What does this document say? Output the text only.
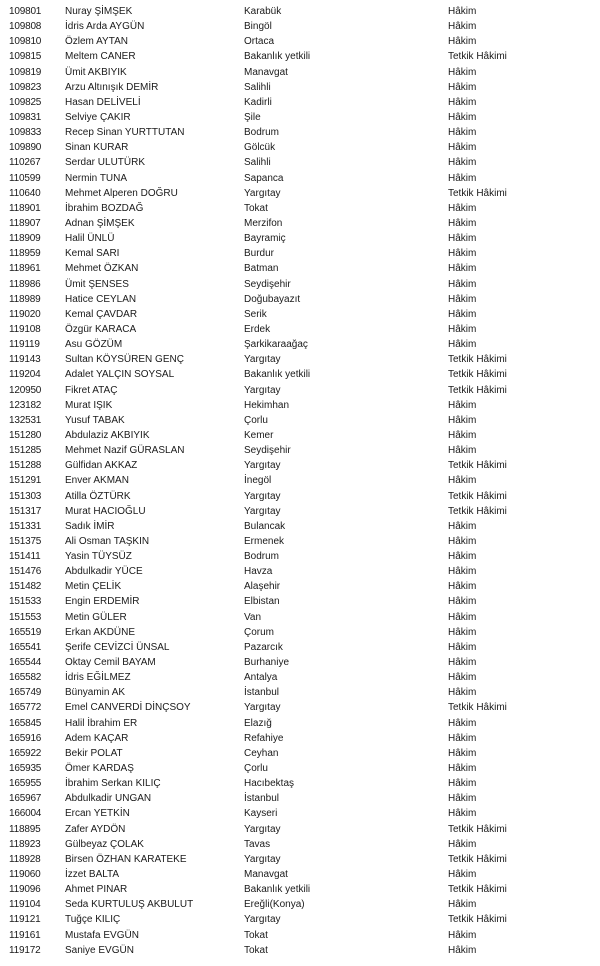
109801 Nuray ŞİMŞEK	Karabük	Hâkim
109808 İdris Arda AYGÜN	Bingöl	Hâkim
109810 Özlem AYTAN	Ortaca	Hâkim
109815 Meltem CANER	Bakanlık yetkili	Tetkik Hâkimi
109819 Ümit AKBIYIK	Manavgat	Hâkim
109823 Arzu Altınışık DEMİR	Salihli	Hâkim
109825 Hasan DELİVELİ	Kadirli	Hâkim
109831 Selviye ÇAKIR	Şile	Hâkim
109833 Recep Sinan YURTTUTAN	Bodrum	Hâkim
109890 Sinan KURAR	Gölcük	Hâkim
110267 Serdar ULUTÜRK	Salihli	Hâkim
110599 Nermin TUNA	Sapanca	Hâkim
110640 Mehmet Alperen DOĞRU	Yargıtay	Tetkik Hâkimi
118901 İbrahim BOZDAĞ	Tokat	Hâkim
118907 Adnan ŞİMŞEK	Merzifon	Hâkim
118909 Halil ÜNLÜ	Bayramiç	Hâkim
118959 Kemal SARI	Burdur	Hâkim
118961 Mehmet ÖZKAN	Batman	Hâkim
118986 Ümit ŞENSES	Seydişehir	Hâkim
118989 Hatice CEYLAN	Doğubayazıt	Hâkim
119020 Kemal ÇAVDAR	Serik	Hâkim
119108 Özgür KARACA	Erdek	Hâkim
119119	Asu GÖZÜM	Şarkikaraağaç	Hâkim
119143 Sultan KÖYSÜREN GENÇ	Yargıtay	Tetkik Hâkimi
119204 Adalet YALÇIN SOYSAL	Bakanlık yetkili	Tetkik Hâkimi
120950 Fikret ATAÇ	Yargıtay	Tetkik Hâkimi
123182 Murat IŞIK	Hekimhan	Hâkim
132531 Yusuf TABAK	Çorlu	Hâkim
151280 Abdulaziz AKBIYIK	Kemer	Hâkim
151285 Mehmet Nazif GÜRASLAN	Seydişehir	Hâkim
151288 Gülfidan AKKAZ	Yargıtay	Tetkik Hâkimi
151291 Enver AKMAN	İnegöl	Hâkim
151303 Atilla ÖZTÜRK	Yargıtay	Tetkik Hâkimi
151317 Murat HACIOĞLU	Yargıtay	Tetkik Hâkimi
151331 Sadık İMİR	Bulancak	Hâkim
151375 Ali Osman TAŞKIN	Ermenek	Hâkim
151411 Yasin TÜYSÜZ	Bodrum	Hâkim
151476 Abdulkadir YÜCE	Havza	Hâkim
151482 Metin ÇELİK	Alaşehir	Hâkim
151533 Engin ERDEMİR	Elbistan	Hâkim
151553 Metin GÜLER	Van	Hâkim
165519 Erkan AKDÜNE	Çorum	Hâkim
165541 Şerife CEVİZCİ ÜNSAL	Pazarcık	Hâkim
165544 Oktay Cemil BAYAM	Burhaniye	Hâkim
165582 İdris EĞİLMEZ	Antalya	Hâkim
165749 Bünyamin AK	İstanbul	Hâkim
165772 Emel CANVERDİ DİNÇSOY	Yargıtay	Tetkik Hâkimi
165845 Halil İbrahim ER	Elazığ	Hâkim
165916 Adem KAÇAR	Refahiye	Hâkim
165922 Bekir POLAT	Ceyhan	Hâkim
165935 Ömer KARDAŞ	Çorlu	Hâkim
165955 İbrahim Serkan KILIÇ	Hacıbektaş	Hâkim
165967 Abdulkadir UNGAN	İstanbul	Hâkim
166004 Ercan YETKİN	Kayseri	Hâkim
118895 Zafer AYDÖN	Yargıtay	Tetkik Hâkimi
118923 Gülbeyaz ÇOLAK	Tavas	Hâkim
118928 Birsen ÖZHAN KARATEKE	Yargıtay	Tetkik Hâkimi
119060 İzzet BALTA	Manavgat	Hâkim
119096 Ahmet PINAR	Bakanlık yetkili	Tetkik Hâkimi
119104 Seda KURTULUŞ AKBULUT	Ereğli(Konya)	Hâkim
119121 Tuğçe KILIÇ	Yargıtay	Tetkik Hâkimi
119161 Mustafa EVGÜN	Tokat	Hâkim
119172 Saniye EVGÜN	Tokat	Hâkim
